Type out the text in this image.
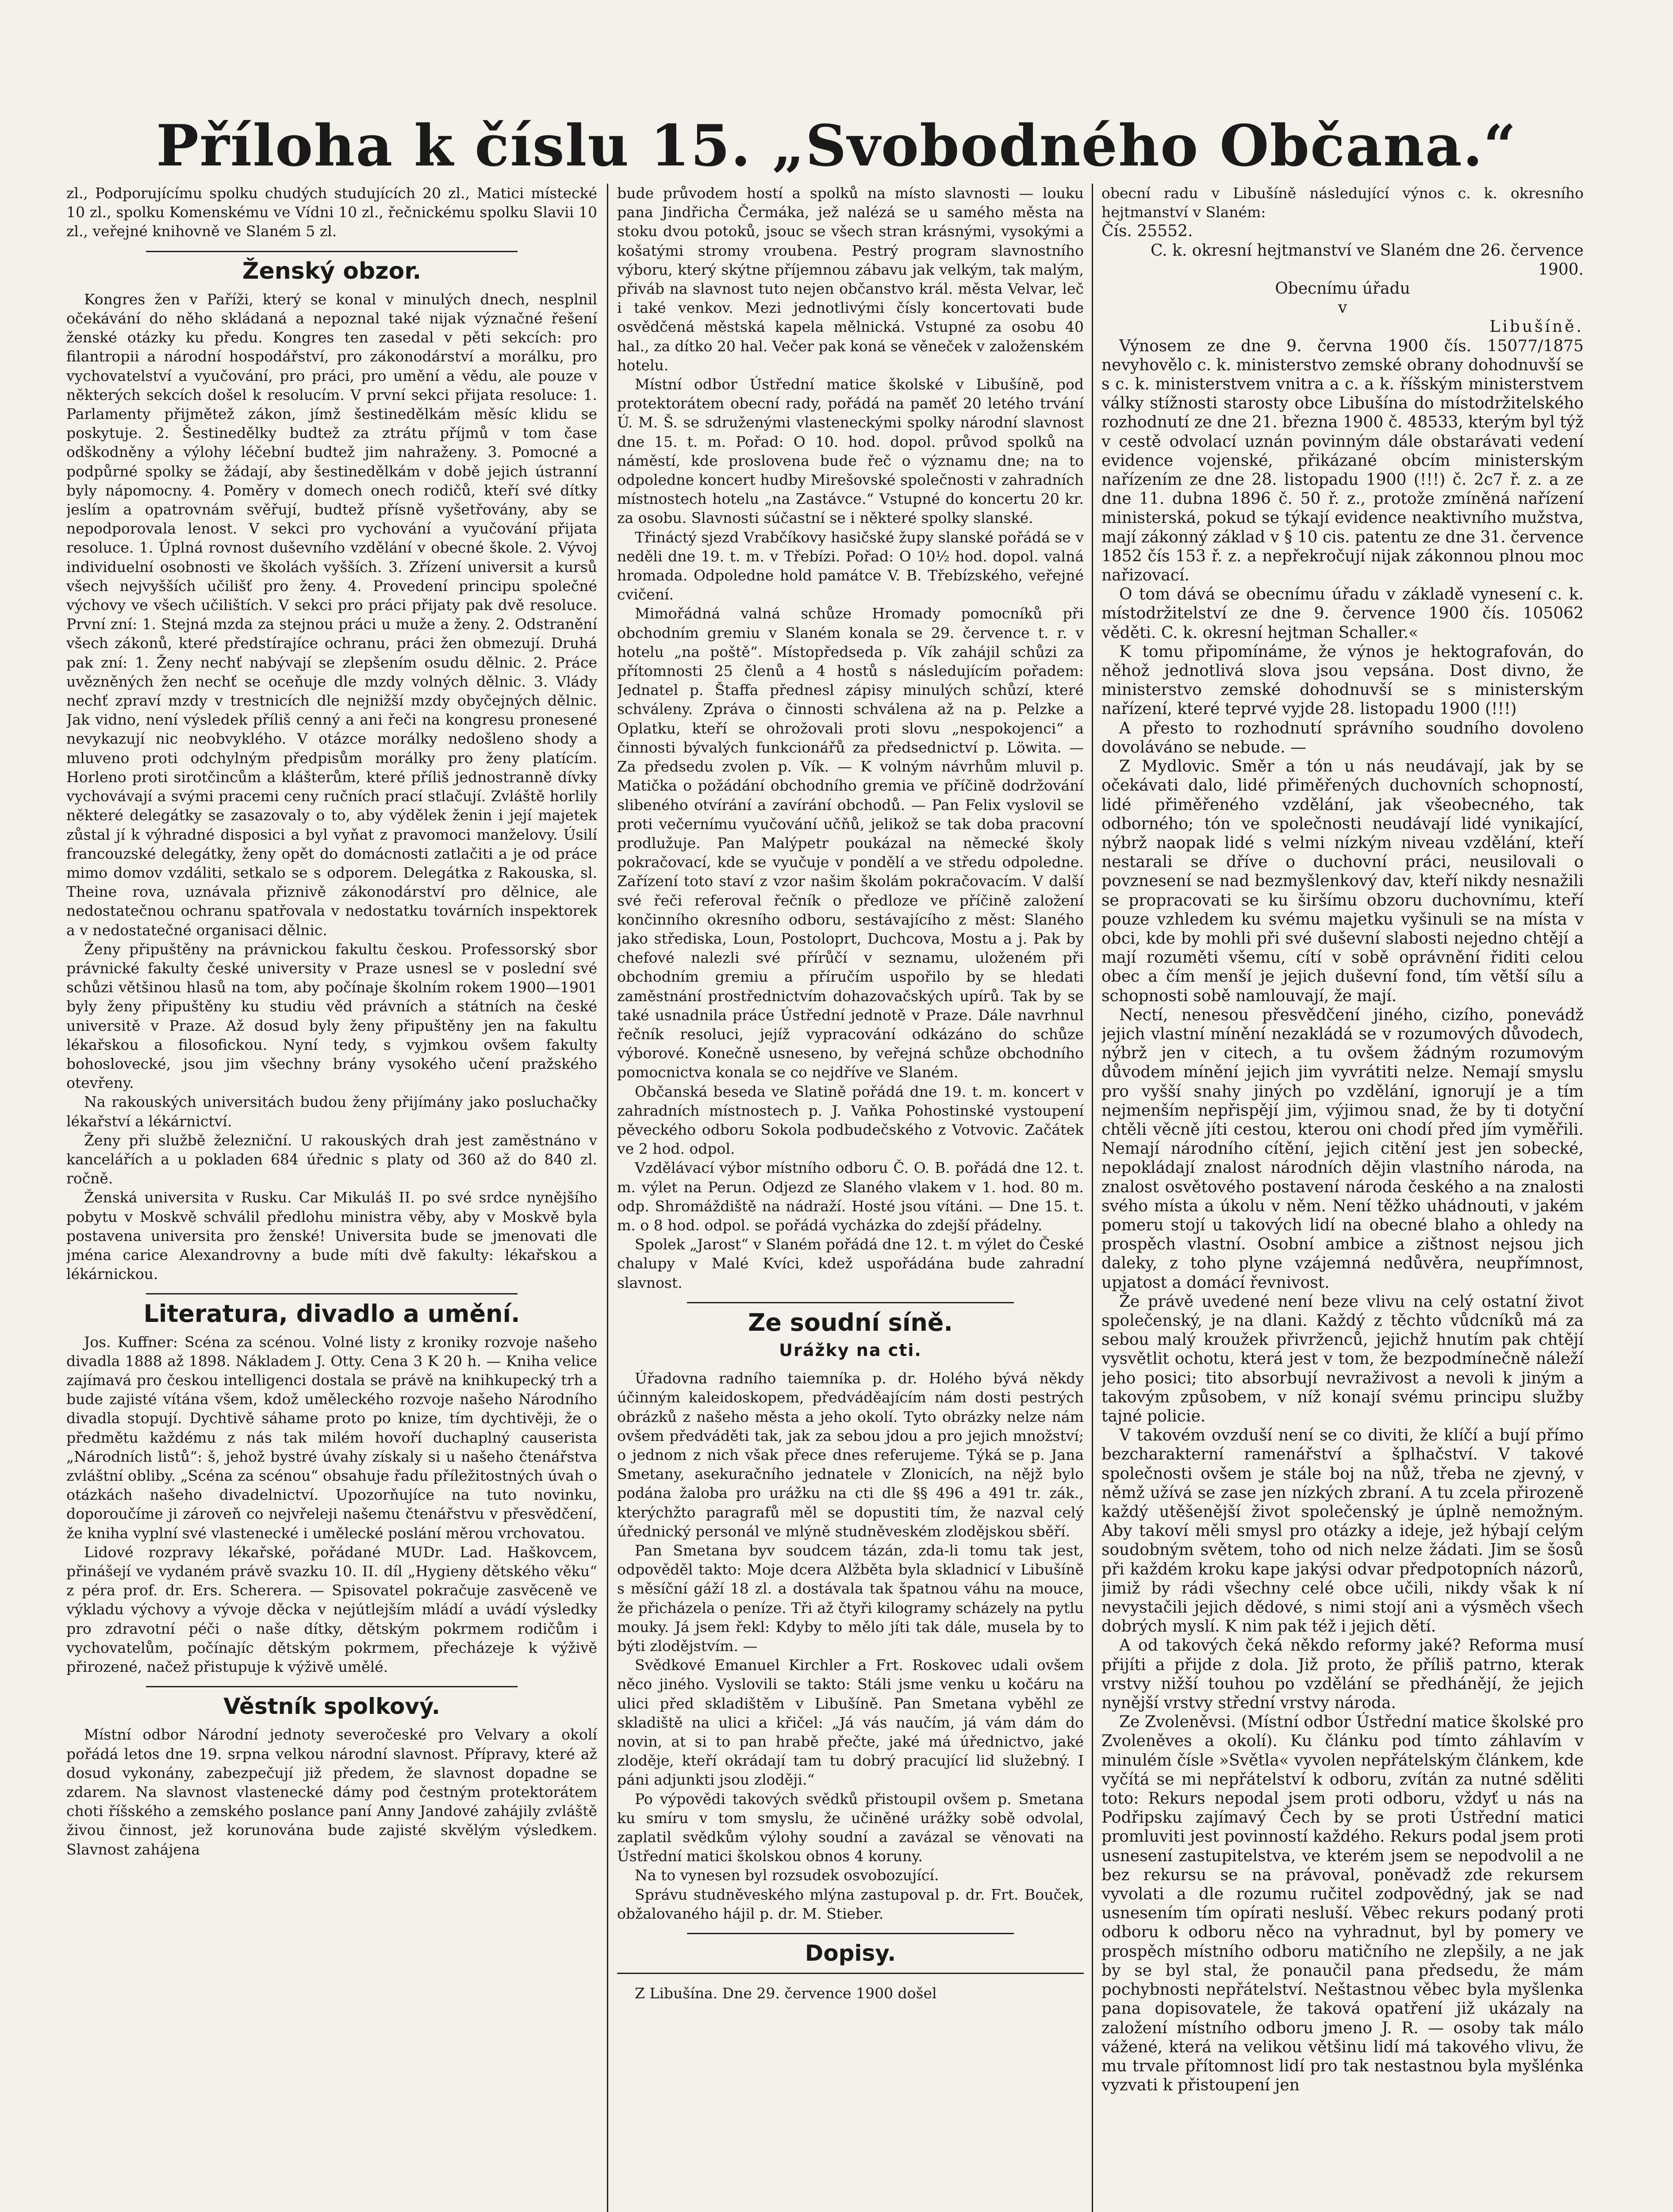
Příloha k číslu 15. „Svobodného Občana.“

zl., Podporujícímu spolku chudých studujících 20 zl., Matici místecké 10 zl., spolku Komenskému ve Vídni 10 zl., řečnickému spolku Slavii 10 zl., veřejné knihovně ve Slaném 5 zl.

Ženský obzor.

Kongres žen v Paříži, který se konal v minulých dnech, nesplnil očekávání do něho skládaná a nepoznal také nijak význačné řešení ženské otázky ku předu. Kongres ten zasedal v pěti sekcích: pro filantropii a národní hospodářství, pro zákonodárství a morálku, pro vychovatelství a vyučování, pro práci, pro umění a vědu, ale pouze v některých sekcích došel k resolucím. V první sekci přijata resoluce: 1. Parlamenty přijmětež zákon, jímž šestinedělkám měsíc klidu se poskytuje. 2. Šestinedělky budtež za ztrátu příjmů v tom čase odškodněny a výlohy léčební budtež jim nahraženy. 3. Pomocné a podpůrné spolky se žádají, aby šestinedělkám v době jejich ústranní byly nápomocny. 4. Poměry v domech onech rodičů, kteří své dítky jeslím a opatrovnám svěřují, budtež přísně vyšetřovány, aby se nepodporovala lenost. V sekci pro vychování a vyučování přijata resoluce. 1. Úplná rovnost duševního vzdělání v obecné škole. 2. Vývoj individuelní osobnosti ve školách vyšších. 3. Zřízení universit a kursů všech nejvyšších učilišť pro ženy. 4. Provedení principu společné výchovy ve všech učilištích. V sekci pro práci přijaty pak dvě resoluce. První zní: 1. Stejná mzda za stejnou práci u muže a ženy. 2. Odstranění všech zákonů, které předstírajíce ochranu, práci žen obmezují. Druhá pak zní: 1. Ženy nechť nabývají se zlepšením osudu dělnic. 2. Práce uvězněných žen nechť se oceňuje dle mzdy volných dělnic. 3. Vlády nechť zpraví mzdy v trestnicích dle nejnižší mzdy obyčejných dělnic. Jak vidno, není výsledek příliš cenný a ani řeči na kongresu pronesené nevykazují nic neobvyklého. V otázce morálky nedošleno shody a mluveno proti odchylným předpisům morálky pro ženy platícím. Horleno proti sirotčincům a klášterům, které příliš jednostranně dívky vychovávají a svými pracemi ceny ručních prací stlačují. Zvláště horlily některé delegátky se zasazovaly o to, aby výdělek ženin i její majetek zůstal jí k výhradné disposici a byl vyňat z pravomoci manželovy. Úsilí francouzské delegátky, ženy opět do domácnosti zatlačiti a je od práce mimo domov vzdáliti, setkalo se s odporem. Delegátka z Rakouska, sl. Theine rova, uznávala přiznivě zákonodárství pro dělnice, ale nedostatečnou ochranu spatřovala v nedostatku továrních inspektorek a v nedostatečné organisaci dělnic.

Ženy připuštěny na právnickou fakultu českou. Professorský sbor právnické fakulty české university v Praze usnesl se v poslední své schůzi většinou hlasů na tom, aby počínaje školním rokem 1900—1901 byly ženy připuštěny ku studiu věd právních a státních na české universitě v Praze. Až dosud byly ženy připuštěny jen na fakultu lékařskou a filosofickou. Nyní tedy, s vyjmkou ovšem fakulty bohoslovecké, jsou jim všechny brány vysokého učení pražského otevřeny.

Na rakouských universitách budou ženy přijímány jako posluchačky lékařství a lékárnictví.

Ženy při službě železniční. U rakouských drah jest zaměstnáno v kancelářích a u pokladen 684 úřednic s platy od 360 až do 840 zl. ročně.

Ženská universita v Rusku. Car Mikuláš II. po své srdce nynějšího pobytu v Moskvě schválil předlohu ministra věby, aby v Moskvě byla postavena universita pro ženské! Universita bude se jmenovati dle jména carice Alexandrovny a bude míti dvě fakulty: lékařskou a lékárnickou.

Literatura, divadlo a umění.

Jos. Kuffner: Scéna za scénou. Volné listy z kroniky rozvoje našeho divadla 1888 až 1898. Nákladem J. Otty. Cena 3 K 20 h. — Kniha velice zajímavá pro českou intelligenci dostala se právě na knihkupecký trh a bude zajisté vítána všem, kdož uměleckého rozvoje našeho Národního divadla stopují. Dychtivě sáhame proto po knize, tím dychtivěji, že o předmětu každému z nás tak milém hovoří duchaplný causerista „Národních listů“: š, jehož bystré úvahy získaly si u našeho čtenářstva zvláštní obliby. „Scéna za scénou“ obsahuje řadu příležitostných úvah o otázkách našeho divadelnictví. Upozorňujíce na tuto novinku, doporoučíme ji zároveň co nejvřeleji našemu čtenářstvu v přesvědčení, že kniha vyplní své vlastenecké i umělecké poslání měrou vrchovatou.

Lidové rozpravy lékařské, pořádané MUDr. Lad. Haškovcem, přinášejí ve vydaném právě svazku 10. II. díl „Hygieny dětského věku“ z péra prof. dr. Ers. Scherera. — Spisovatel pokračuje zasvěceně ve výkladu výchovy a vývoje děcka v nejútlejším mládí a uvádí výsledky pro zdravotní péči o naše dítky, dětským pokrmem rodičům i vychovatelům, počínajíc dětským pokrmem, přecházeje k výživě přirozené, načež přistupuje k výživě umělé.

Věstník spolkový.

Místní odbor Národní jednoty severočeské pro Velvary a okolí pořádá letos dne 19. srpna velkou národní slavnost. Přípravy, které až dosud vykonány, zabezpečují již předem, že slavnost dopadne se zdarem. Na slavnost vlastenecké dámy pod čestným protektorátem choti říšského a zemského poslance paní Anny Jandové zahájily zvláště živou činnost, jež korunována bude zajisté skvělým výsledkem. Slavnost zahájena

bude průvodem hostí a spolků na místo slavnosti — louku pana Jindřicha Čermáka, jež nalézá se u samého města na stoku dvou potoků, jsouc se všech stran krásnými, vysokými a košatými stromy vroubena. Pestrý program slavnostního výboru, který skýtne příjemnou zábavu jak velkým, tak malým, přiváb na slavnost tuto nejen občanstvo král. města Velvar, leč i také venkov. Mezi jednotlivými čísly koncertovati bude osvědčená městská kapela mělnická. Vstupné za osobu 40 hal., za dítko 20 hal. Večer pak koná se věneček v založenském hotelu.

Místní odbor Ústřední matice školské v Libušíně, pod protektorátem obecní rady, pořádá na paměť 20 letého trvání Ú. M. Š. se sdruženými vlasteneckými spolky národní slavnost dne 15. t. m. Pořad: O 10. hod. dopol. průvod spolků na náměstí, kde proslovena bude řeč o významu dne; na to odpoledne koncert hudby Mirešovské společnosti v zahradních místnostech hotelu „na Zastávce.“ Vstupné do koncertu 20 kr. za osobu. Slavnosti súčastní se i některé spolky slanské.

Třináctý sjezd Vrabčíkovy hasičské župy slanské pořádá se v neděli dne 19. t. m. v Třebízi. Pořad: O 10½ hod. dopol. valná hromada. Odpoledne hold památce V. B. Třebízského, veřejné cvičení.

Mimořádná valná schůze Hromady pomocníků při obchodním gremiu v Slaném konala se 29. července t. r. v hotelu „na poště“. Místopředseda p. Vík zahájil schůzi za přítomnosti 25 členů a 4 hostů s následujícím pořadem: Jednatel p. Štaffa přednesl zápisy minulých schůzí, které schváleny. Zpráva o činnosti schválena až na p. Pelzke a Oplatku, kteří se ohrožovali proti slovu „nespokojenci“ a činnosti bývalých funkcionářů za předsednictví p. Löwita. — Za předsedu zvolen p. Vík. — K volným návrhům mluvil p. Matička o požádání obchodního gremia ve příčině dodržování slibeného otvírání a zavírání obchodů. — Pan Felix vyslovil se proti večernímu vyučování učňů, jelikož se tak doba pracovní prodlužuje. Pan Malýpetr poukázal na německé školy pokračovací, kde se vyučuje v pondělí a ve středu odpoledne. Zařízení toto staví z vzor našim školám pokračovacím. V další své řeči referoval řečník o předloze ve příčině založení končinního okresního odboru, sestávajícího z měst: Slaného jako střediska, Loun, Postoloprt, Duchcova, Mostu a j. Pak by chefové nalezli své přírůčí v seznamu, uloženém při obchodním gremiu a příručím uspořilo by se hledati zaměstnání prostřednictvím dohazovačských upírů. Tak by se také usnadnila práce Ústřední jednotě v Praze. Dále navrhnul řečník resoluci, jejíž vypracování odkázáno do schůze výborové. Konečně usneseno, by veřejná schůze obchodního pomocnictva konala se co nejdříve ve Slaném.

Občanská beseda ve Slatině pořádá dne 19. t. m. koncert v zahradních místnostech p. J. Vaňka Pohostinské vystoupení pěveckého odboru Sokola podbudečského z Votvovic. Začátek ve 2 hod. odpol.

Vzdělávací výbor místního odboru Č. O. B. pořádá dne 12. t. m. výlet na Perun. Odjezd ze Slaného vlakem v 1. hod. 80 m. odp. Shromáždiště na nádraží. Hosté jsou vítáni. — Dne 15. t. m. o 8 hod. odpol. se pořádá vycházka do zdejší přádelny.

Spolek „Jarost“ v Slaném pořádá dne 12. t. m výlet do České chalupy v Malé Kvíci, kdež uspořádána bude zahradní slavnost.

Ze soudní síně.
Urážky na cti.

Úřadovna radního taiemníka p. dr. Holého bývá někdy účinným kaleidoskopem, předváděajícím nám dosti pestrých obrázků z našeho města a jeho okolí. Tyto obrázky nelze nám ovšem předváděti tak, jak za sebou jdou a pro jejich množství; o jednom z nich však přece dnes referujeme. Týká se p. Jana Smetany, asekuračního jednatele v Zlonicích, na nějž bylo podána žaloba pro urážku na cti dle §§ 496 a 491 tr. zák., kterýchžto paragrafů měl se dopustiti tím, že nazval celý úřednický personál ve mlýně studněveském zlodějskou sběří.

Pan Smetana byv soudcem tázán, zda-li tomu tak jest, odpověděl takto: Moje dcera Alžběta byla skladnicí v Libušíně s měsíční gáží 18 zl. a dostávala tak špatnou váhu na mouce, že přicházela o peníze. Tři až čtyři kilogramy scházely na pytlu mouky. Já jsem řekl: Kdyby to mělo jíti tak dále, musela by to býti zlodějstvím. —

Svědkové Emanuel Kirchler a Frt. Roskovec udali ovšem něco jiného. Vyslovili se takto: Stáli jsme venku u kočáru na ulici před skladištěm v Libušíně. Pan Smetana vyběhl ze skladiště na ulici a křičel: „Já vás naučím, já vám dám do novin, at si to pan hrabě přečte, jaké má úřednictvo, jaké zloděje, kteří okrádají tam tu dobrý pracující lid služebný. I páni adjunkti jsou zloději.“

Po výpovědi takových svědků přistoupil ovšem p. Smetana ku smíru v tom smyslu, že učiněné urážky sobě odvolal, zaplatil svědkům výlohy soudní a zavázal se věnovati na Ústřední matici školskou obnos 4 koruny.

Na to vynesen byl rozsudek osvobozující.

Správu studněveského mlýna zastupoval p. dr. Frt. Bouček, obžalovaného hájil p. dr. M. Stieber.

Dopisy.

Z Libušína. Dne 29. července 1900 došel

obecní radu v Libušíně následující výnos c. k. okresního hejtmanství v Slaném:

Čís. 25552.

C. k. okresní hejtmanství ve Slaném dne 26. července 1900.

Obecnímu úřadu

v

Libušíně.

Výnosem ze dne 9. června 1900 čís. 15077/1875 nevyhovělo c. k. ministerstvo zemské obrany dohodnuvší se s c. k. ministerstvem vnitra a c. a k. říšským ministerstvem války stížnosti starosty obce Libušína do místodržitelského rozhodnutí ze dne 21. března 1900 č. 48533, kterým byl týž v cestě odvolací uznán povinným dále obstarávati vedení evidence vojenské, přikázané obcím ministerským nařízením ze dne 28. listopadu 1900 (!!!) č. 2c7 ř. z. a ze dne 11. dubna 1896 č. 50 ř. z., protože zmíněná nařízení ministerská, pokud se týkají evidence neaktivního mužstva, mají zákonný základ v § 10 cis. patentu ze dne 31. července 1852 čís 153 ř. z. a nepřekročují nijak zákonnou plnou moc nařizovací.

O tom dává se obecnímu úřadu v základě vynesení c. k. místodržitelství ze dne 9. července 1900 čís. 105062 věděti. C. k. okresní hejtman Schaller.«

K tomu připomínáme, že výnos je hektografován, do něhož jednotlivá slova jsou vepsána. Dost divno, že ministerstvo zemské dohodnuvší se s ministerským nařízení, které teprvé vyjde 28. listopadu 1900 (!!!)

A přesto to rozhodnutí správního soudního dovoleno dovoláváno se nebude. —

Z Mydlovic. Směr a tón u nás neudávají, jak by se očekávati dalo, lidé přiměřených duchovních schopností, lidé přiměřeného vzdělání, jak všeobecného, tak odborného; tón ve společnosti neudávají lidé vynikající, nýbrž naopak lidé s velmi nízkým niveau vzdělání, kteří nestarali se dříve o duchovní práci, neusilovali o povznesení se nad bezmyšlenkový dav, kteří nikdy nesnažili se propracovati se ku širšímu obzoru duchovnímu, kteří pouze vzhledem ku svému majetku vyšinuli se na místa v obci, kde by mohli při své duševní slabosti nejedno chtějí a mají rozuměti všemu, cítí v sobě oprávnění řiditi celou obec a čím menší je jejich duševní fond, tím větší sílu a schopnosti sobě namlouvají, že mají.

Nectí, nenesou přesvědčení jiného, cizího, ponevádž jejich vlastní mínění nezakládá se v rozumových důvodech, nýbrž jen v citech, a tu ovšem žádným rozumovým důvodem mínění jejich jim vyvrátiti nelze. Nemají smyslu pro vyšší snahy jiných po vzdělání, ignorují je a tím nejmenším nepřispějí jim, výjimou snad, že by ti dotyční chtěli věcně jíti cestou, kterou oni chodí před jím vyměřili. Nemají národního cítění, jejich citění jest jen sobecké, nepokládají znalost národních dějin vlastního národa, na znalost osvětového postavení národa českého a na znalosti svého místa a úkolu v něm. Není těžko uhádnouti, v jakém pomeru stojí u takových lidí na obecné blaho a ohledy na prospěch vlastní. Osobní ambice a zištnost nejsou jich daleky, z toho plyne vzájemná nedůvěra, neupřímnost, upjatost a domácí řevnivost.

Že právě uvedené není beze vlivu na celý ostatní život společenský, je na dlani. Každý z těchto vůdcníků má za sebou malý kroužek přivrženců, jejichž hnutím pak chtějí vysvětlit ochotu, která jest v tom, že bezpodmínečně náleží jeho posici; tito absorbují nevraživost a nevoli k jiným a takovým způsobem, v níž konají svému principu služby tajné policie.

V takovém ovzduší není se co diviti, že klíčí a bují přímo bezcharakterní ramenářství a šplhačství. V takové společnosti ovšem je stále boj na nůž, třeba ne zjevný, v němž užívá se zase jen nízkých zbraní. A tu zcela přirozeně každý utěšenější život společenský je úplně nemožným. Aby takoví měli smysl pro otázky a ideje, jež hýbají celým soudobným světem, toho od nich nelze žádati. Jim se šosů při každém kroku kape jakýsi odvar předpotopních názorů, jimiž by rádi všechny celé obce učili, nikdy však k ní nevystačili jejich dědové, s nimi stojí ani a výsměch všech dobrých myslí. K nim pak též i jejich dětí.

A od takových čeká někdo reformy jaké? Reforma musí přijíti a přijde z dola. Již proto, že příliš patrno, kterak vrstvy nižší touhou po vzdělání se předhánějí, že jejich nynější vrstvy střední vrstvy národa.

Ze Zvoleněvsi. (Místní odbor Ústřední matice školské pro Zvoleněves a okolí). Ku článku pod tímto záhlavím v minulém čísle »Světla« vyvolen nepřátelským článkem, kde vyčítá se mi nepřátelství k odboru, zvítán za nutné sděliti toto: Rekurs nepodal jsem proti odboru, vždyť u nás na Podřipsku zajímavý Čech by se proti Ústřední matici promluviti jest povinností každého. Rekurs podal jsem proti usnesení zastupitelstva, ve kterém jsem se nepodvolil a ne bez rekursu se na právoval, poněvadž zde rekursem vyvolati a dle rozumu ručitel zodpovědný, jak se nad usnesením tím opírati nesluší. Věbec rekurs podaný proti odboru k odboru něco na vyhradnut, byl by pomery ve prospěch místního odboru matičního ne zlepšily, a ne jak by se byl stal, že ponaučil pana předsedu, že mám pochybnosti nepřátelství. Neštastnou věbec byla myšlenka pana dopisovatele, že taková opatření již ukázaly na založení místního odboru jmeno J. R. — osoby tak málo vážené, která na velikou většinu lidí má takového vlivu, že mu trvale přítomnost lidí pro tak nestastnou byla myšlénka vyzvati k přistoupení jen
